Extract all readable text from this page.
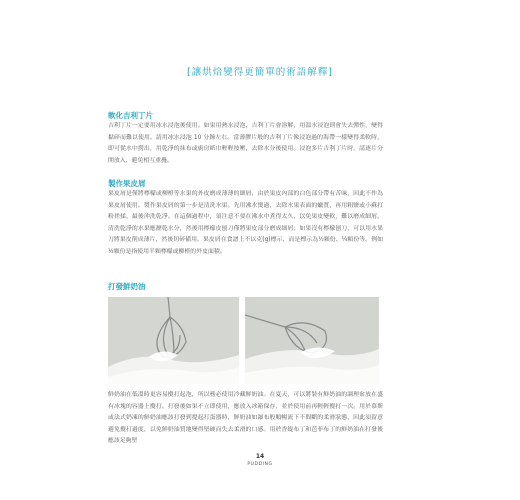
[讓烘焙變得更簡單的術語解釋]
軟化吉利丁片

吉利丁片一定要用冰水浸泡後使用。如果用熱水浸泡，吉利丁片會溶解，用溫水浸泡則會失去彈性，變得黏碎而難以使用。請用冰水浸泡 10 分鐘左右。當薄膠片般的吉利丁片像浸泡過的海帶一樣變得柔軟時，即可從水中撈出，用乾淨的抹布或廚房紙巾輕輕按壓，去除水分後使用。浸泡多片吉利丁片時，請逐片分開放入，避免相互重疊。

製作果皮屑

果皮屑是僅將檸檬或柳橙等水果的外皮磨成薄薄的細屑，由於果皮內部的白色部分帶有苦味，因此不作為果皮屑使用。製作果皮屑的第一步是清洗水果。先用沸水燙過，去除水果表面的蠟質，再用粗鹽或小蘇打粉搓揉，最後沖洗乾淨。在這個過程中，須注意不要在沸水中煮得太久，以免果皮變軟，難以磨成細屑。清洗乾淨的水果應瀝乾水分，然後用檸檬皮刨刀僅將果皮部分磨成細屑；如果沒有檸檬刨刀，可以用水果刀將果皮削成薄片，然後切碎備用。果皮屑在食譜上不以克(g)標示，而是標示為½顆份、¼顆份等。例如½顆份是指使用半顆檸檬或柳橙的外皮面積。

打發鮮奶油

鮮奶油在低溫時更容易攪打起泡，所以務必使用冷藏鮮奶油。在夏天，可以將裝有鮮奶油的調理盆放在盛有冰塊的容器上攪打。打發後如果不立即使用，應放入冰箱保存，並於使用前再輕輕攪打一次。用於慕斯或法式奶凍的鮮奶油應該打發到提起打蛋器時，鮮奶油如瀑布般順暢流下不間斷的柔滑狀態，因此須留意避免攪打過度，以免鮮奶油質地變得堅硬而失去柔滑的口感。用於香緹布丁和芭菲布丁的鮮奶油在打發後應該足夠堅

14
PUDDING
